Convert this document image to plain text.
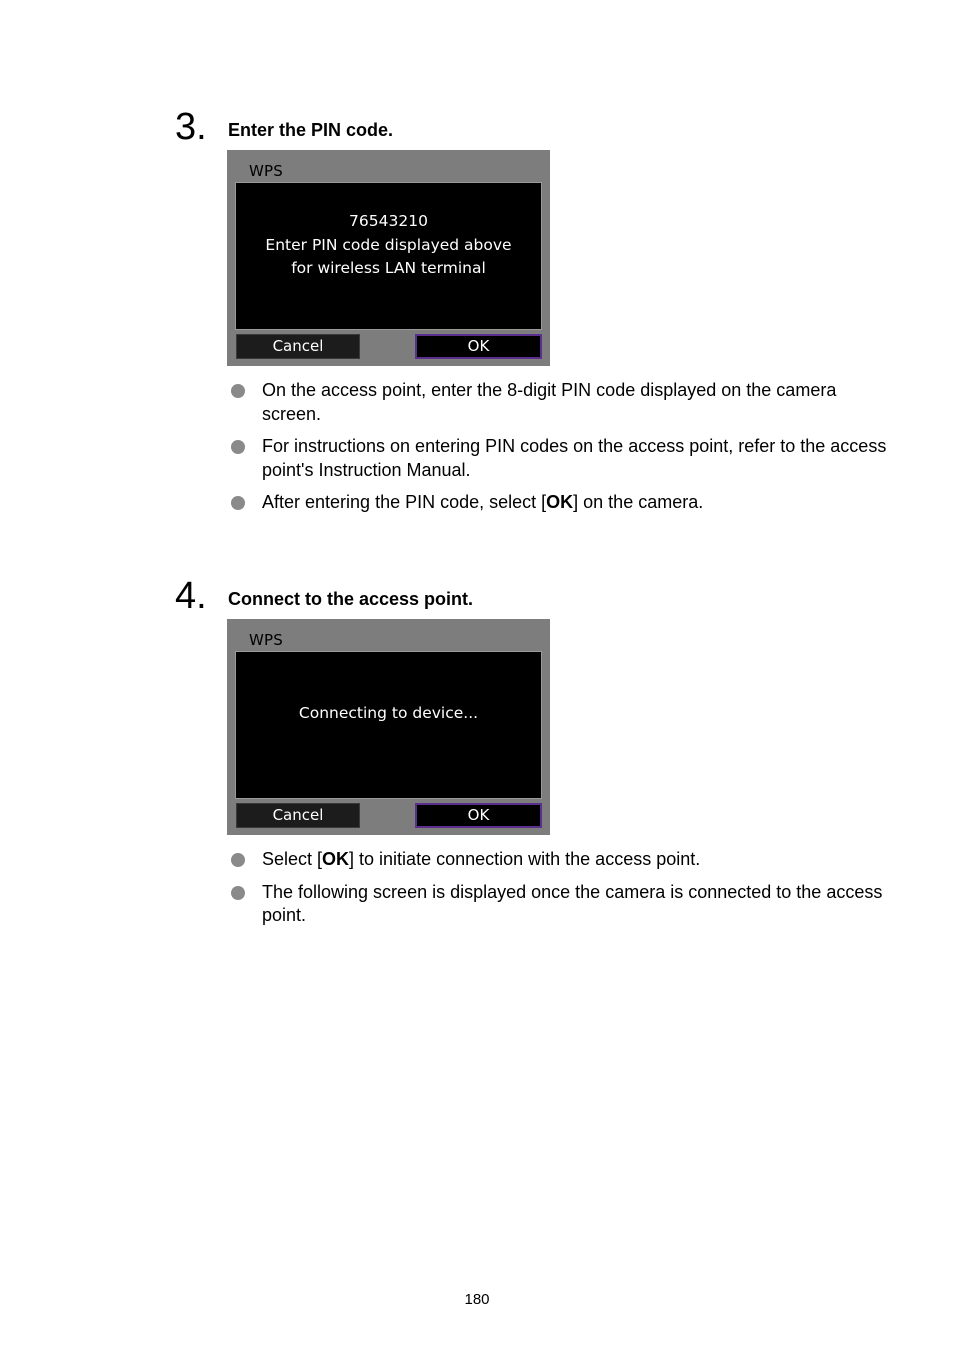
3. Enter the PIN code.
WPS
76543210
Enter PIN code displayed above
for wireless LAN terminal
Cancel	OK
On the access point, enter the 8-digit PIN code displayed on the camera screen.
For instructions on entering PIN codes on the access point, refer to the access point's Instruction Manual.
After entering the PIN code, select [OK] on the camera.
4. Connect to the access point.
WPS
Connecting to device...
Cancel	OK
Select [OK] to initiate connection with the access point.
The following screen is displayed once the camera is connected to the access point.
180
